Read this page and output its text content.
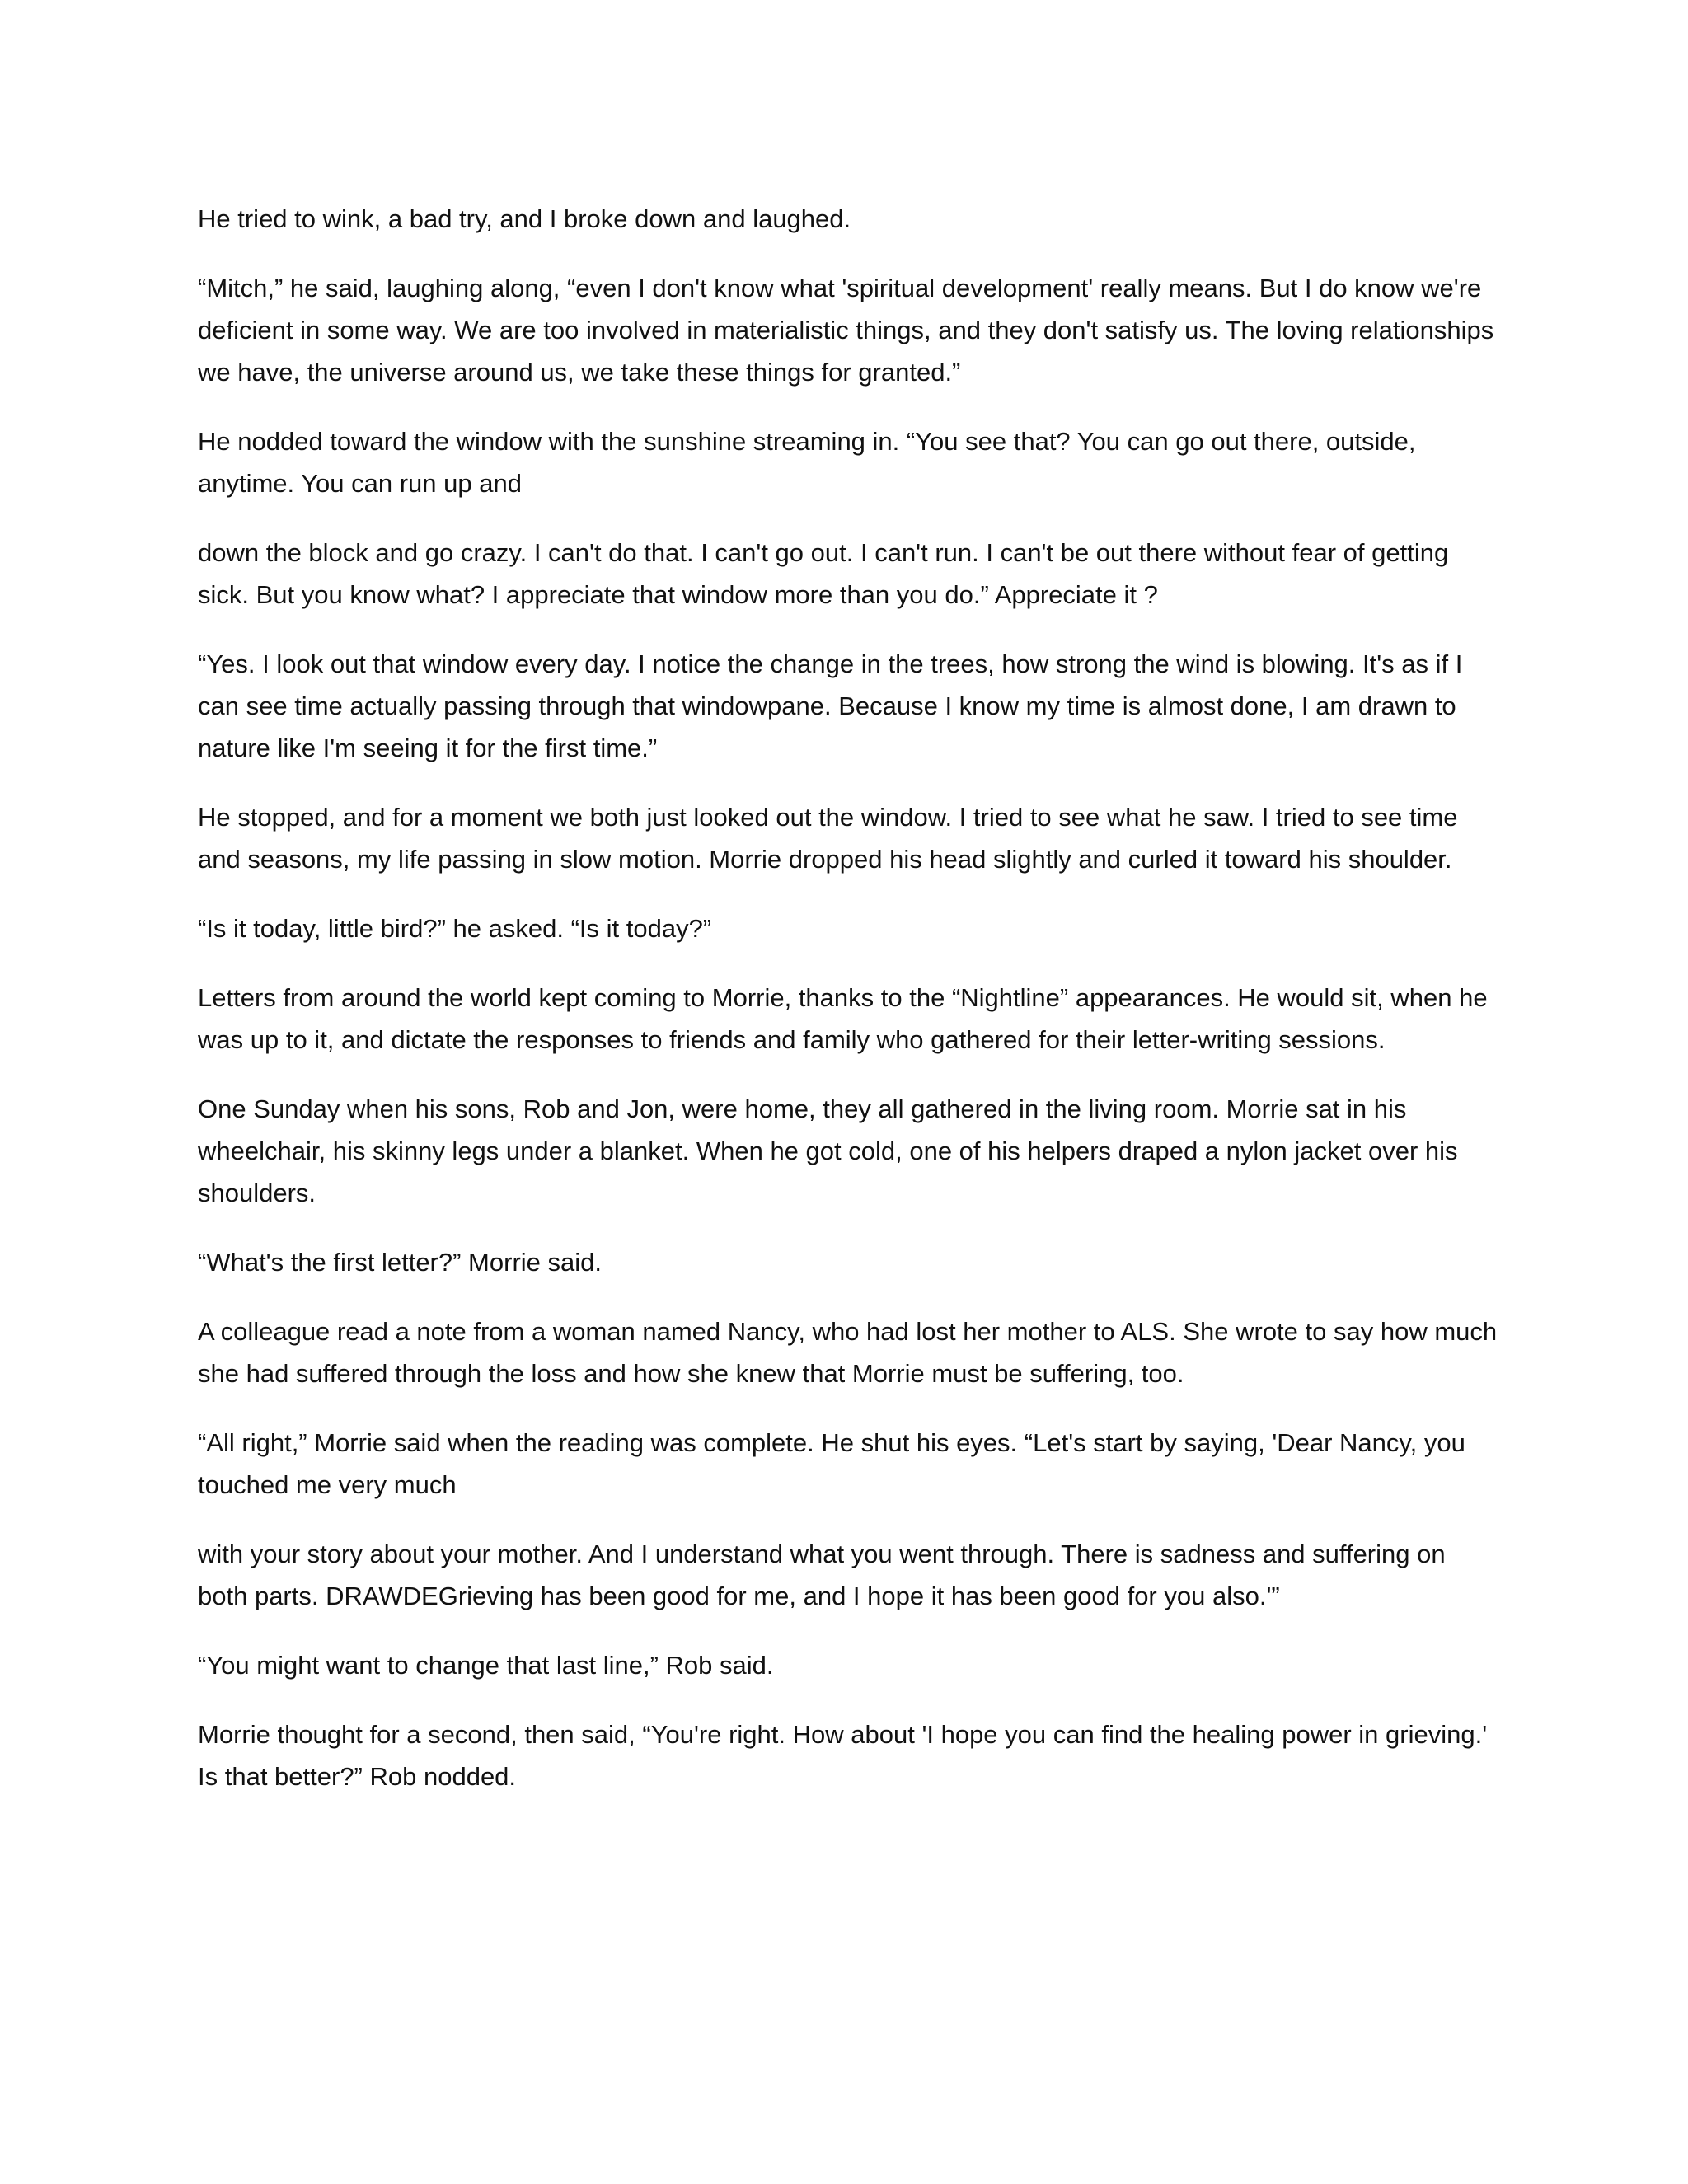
He tried to wink, a bad try, and I broke down and laughed.

“Mitch,” he said, laughing along, “even I don't know what 'spiritual development' really means. But I do know we're deficient in some way. We are too involved in materialistic things, and they don't satisfy us. The loving relationships we have, the universe around us, we take these things for granted.”

He nodded toward the window with the sunshine streaming in. “You see that? You can go out there, outside, anytime. You can run up and

down the block and go crazy. I can't do that. I can't go out. I can't run. I can't be out there without fear of getting sick. But you know what? I appreciate that window more than you do.” Appreciate it ?

“Yes. I look out that window every day. I notice the change in the trees, how strong the wind is blowing. It's as if I can see time actually passing through that windowpane. Because I know my time is almost done, I am drawn to nature like I'm seeing it for the first time.”

He stopped, and for a moment we both just looked out the window. I tried to see what he saw. I tried to see time and seasons, my life passing in slow motion. Morrie dropped his head slightly and curled it toward his shoulder.

“Is it today, little bird?” he asked. “Is it today?”

Letters from around the world kept coming to Morrie, thanks to the “Nightline” appearances. He would sit, when he was up to it, and dictate the responses to friends and family who gathered for their letter-writing sessions.

One Sunday when his sons, Rob and Jon, were home, they all gathered in the living room. Morrie sat in his wheelchair, his skinny legs under a blanket. When he got cold, one of his helpers draped a nylon jacket over his shoulders.

“What's the first letter?” Morrie said.

A colleague read a note from a woman named Nancy, who had lost her mother to ALS. She wrote to say how much she had suffered through the loss and how she knew that Morrie must be suffering, too.

“All right,” Morrie said when the reading was complete. He shut his eyes. “Let's start by saying, 'Dear Nancy, you touched me very much

with your story about your mother. And I understand what you went through. There is sadness and suffering on both parts. DRAWDEGrieving has been good for me, and I hope it has been good for you also.'”

“You might want to change that last line,” Rob said.

Morrie thought for a second, then said, “You're right. How about 'I hope you can find the healing power in grieving.' Is that better?” Rob nodded.
